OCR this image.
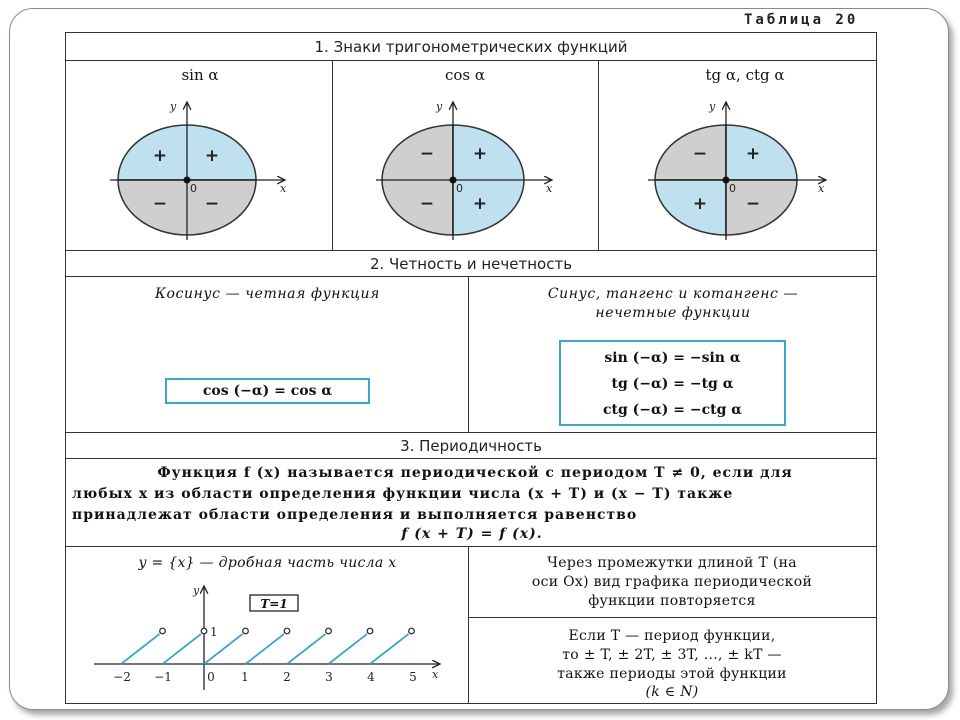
Таблица 20
1. Знаки тригонометрических функций
sin α	cos α	tg α, ctg α
y
x
y
x
y
x
0	0	0
+ +
− −
− +
− +
− +
+ −
2. Четность и нечетность
Косинус — четная функция
cos (−α) = cos α
Синус, тангенс и котангенс —
нечетные функции
sin (−α) = −sin α
tg (−α) = −tg α
ctg (−α) = −ctg α
3. Периодичность
Функция f (x) называется периодической с периодом T ≠ 0, если для
любых x из области определения функции числа (x + T) и (x − T) также
принадлежат области определения и выполняется равенство
f (x + T) = f (x).
y = {x} — дробная часть числа x
T=1
y
x
1
−2 −1	0 1	2	3	4	5
Через промежутки длиной T (на
оси Ox) вид графика периодической
функции повторяется
Если T — период функции,
то ± T, ± 2T, ± 3T, ..., ± kT —
также периоды этой функции
(k ∈ N)
